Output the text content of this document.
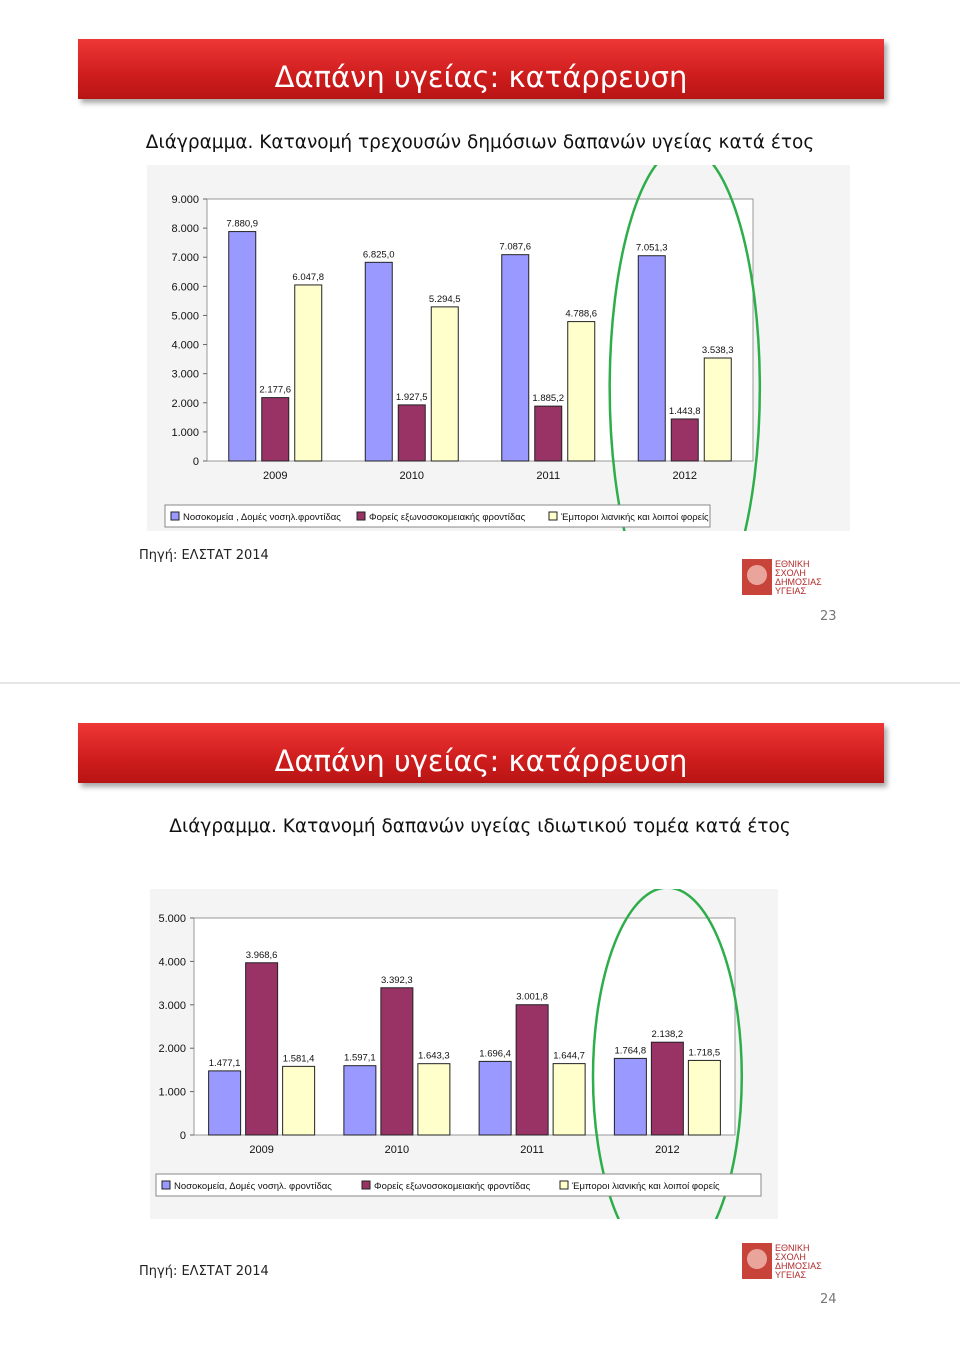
Δαπάνη υγείας: κατάρρευση
Διάγραμμα. Κατανομή τρεχουσών δημόσιων δαπανών υγείας κατά έτος
0
1.000
2.000
3.000
4.000
5.000
6.000
7.000
8.000
9.000
7.880,9
2.177,6
6.047,8
2009
6.825,0
1.927,5
5.294,5
2010
7.087,6
1.885,2
4.788,6
2011
7.051,3
1.443,8
3.538,3
2012
Νοσοκομεία , Δομές νοσηλ.φροντίδας	Φορείς εξωνοσοκομειακής φροντίδας	Έμποροι λιανικής και λοιποί φορείς
Πηγή: ΕΛΣΤΑΤ 2014
ΕΘΝΙΚΗ
ΣΧΟΛΗ
ΔΗΜΟΣΙΑΣ
ΥΓΕΙΑΣ
23
Δαπάνη υγείας: κατάρρευση
Διάγραμμα. Κατανομή δαπανών υγείας ιδιωτικού τομέα κατά έτος
0
1.000
2.000
3.000
4.000
5.000
1.477,1
3.968,6
1.581,4
2009
1.597,1
3.392,3
1.643,3
2010
1.696,4
3.001,8
1.644,7
2011
1.764,8
2.138,2
1.718,5
2012
Νοσοκομεία, Δομές νοσηλ. φροντίδας	Φορείς εξωνοσοκομειακής φροντίδας	Έμποροι λιανικής και λοιποί φορείς
Πηγή: ΕΛΣΤΑΤ 2014
ΕΘΝΙΚΗ
ΣΧΟΛΗ
ΔΗΜΟΣΙΑΣ
ΥΓΕΙΑΣ
24
